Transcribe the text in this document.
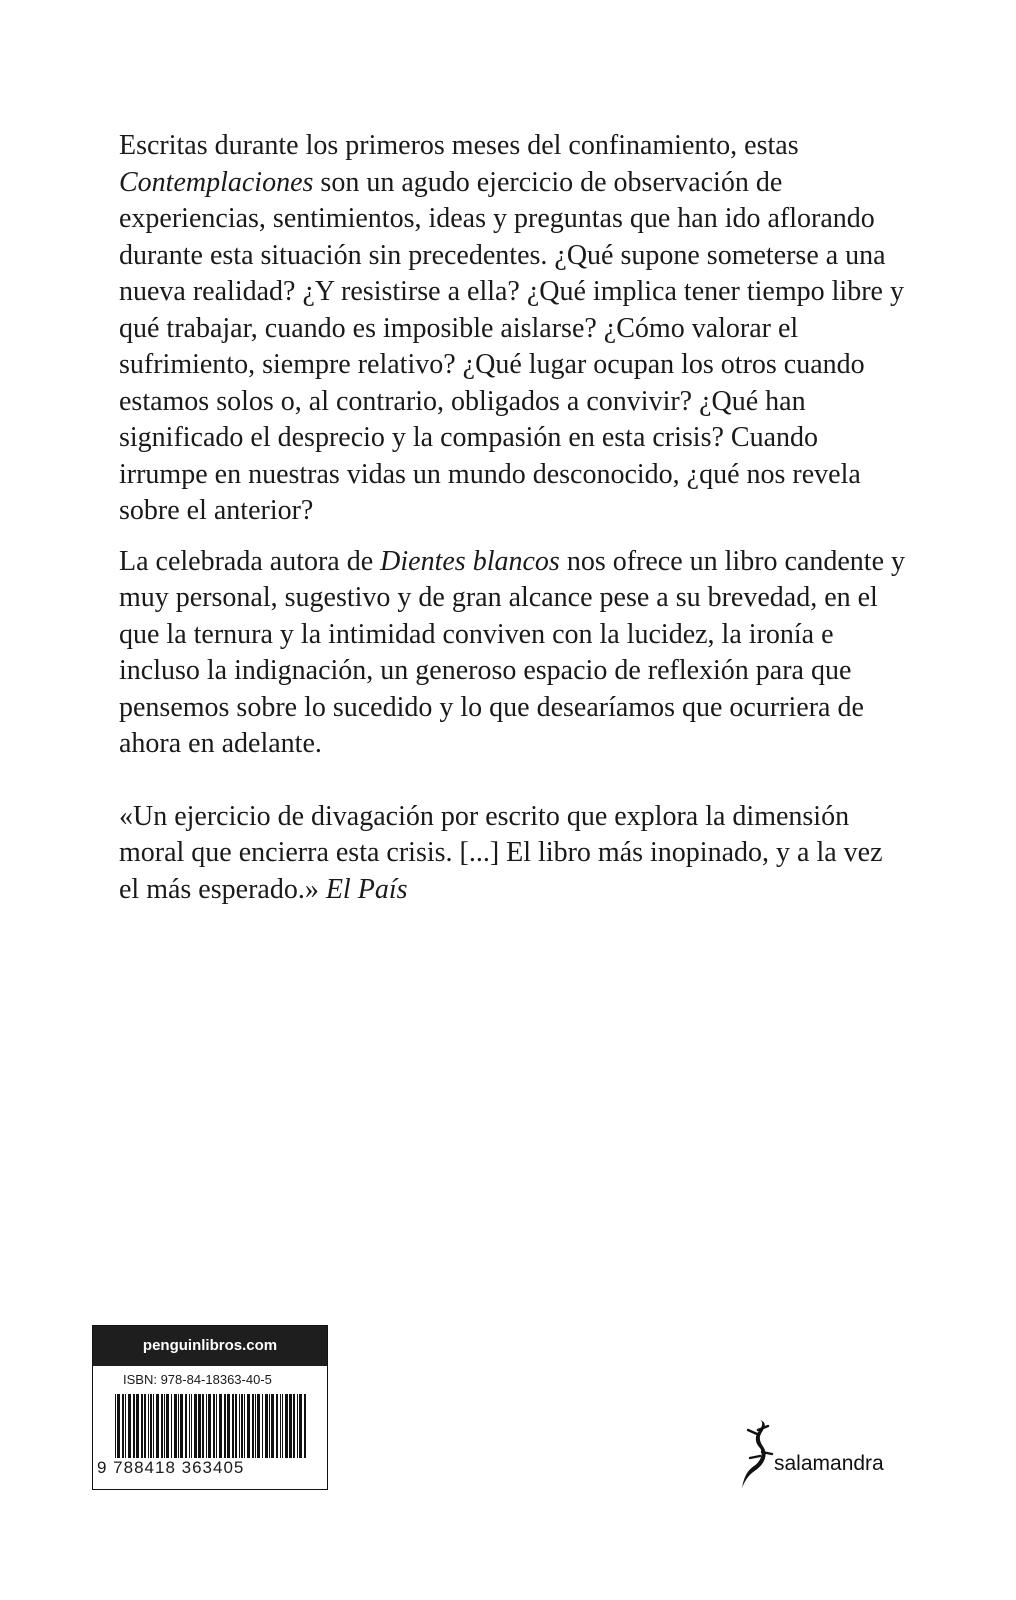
Escritas durante los primeros meses del confinamiento, estas Contemplaciones son un agudo ejercicio de observación de experiencias, sentimientos, ideas y preguntas que han ido aflorando durante esta situación sin precedentes. ¿Qué supone someterse a una nueva realidad? ¿Y resistirse a ella? ¿Qué implica tener tiempo libre y qué trabajar, cuando es imposible aislarse? ¿Cómo valorar el sufrimiento, siempre relativo? ¿Qué lugar ocupan los otros cuando estamos solos o, al contrario, obligados a convivir? ¿Qué han significado el desprecio y la compasión en esta crisis? Cuando irrumpe en nuestras vidas un mundo desconocido, ¿qué nos revela sobre el anterior?

La celebrada autora de Dientes blancos nos ofrece un libro candente y muy personal, sugestivo y de gran alcance pese a su brevedad, en el que la ternura y la intimidad conviven con la lucidez, la ironía e incluso la indignación, un generoso espacio de reflexión para que pensemos sobre lo sucedido y lo que desearíamos que ocurriera de ahora en adelante.

«Un ejercicio de divagación por escrito que explora la dimensión moral que encierra esta crisis. [...] El libro más inopinado, y a la vez el más esperado.» El País

penguinlibros.com
ISBN: 978-84-18363-40-5
9 788418 363405	salamandra
